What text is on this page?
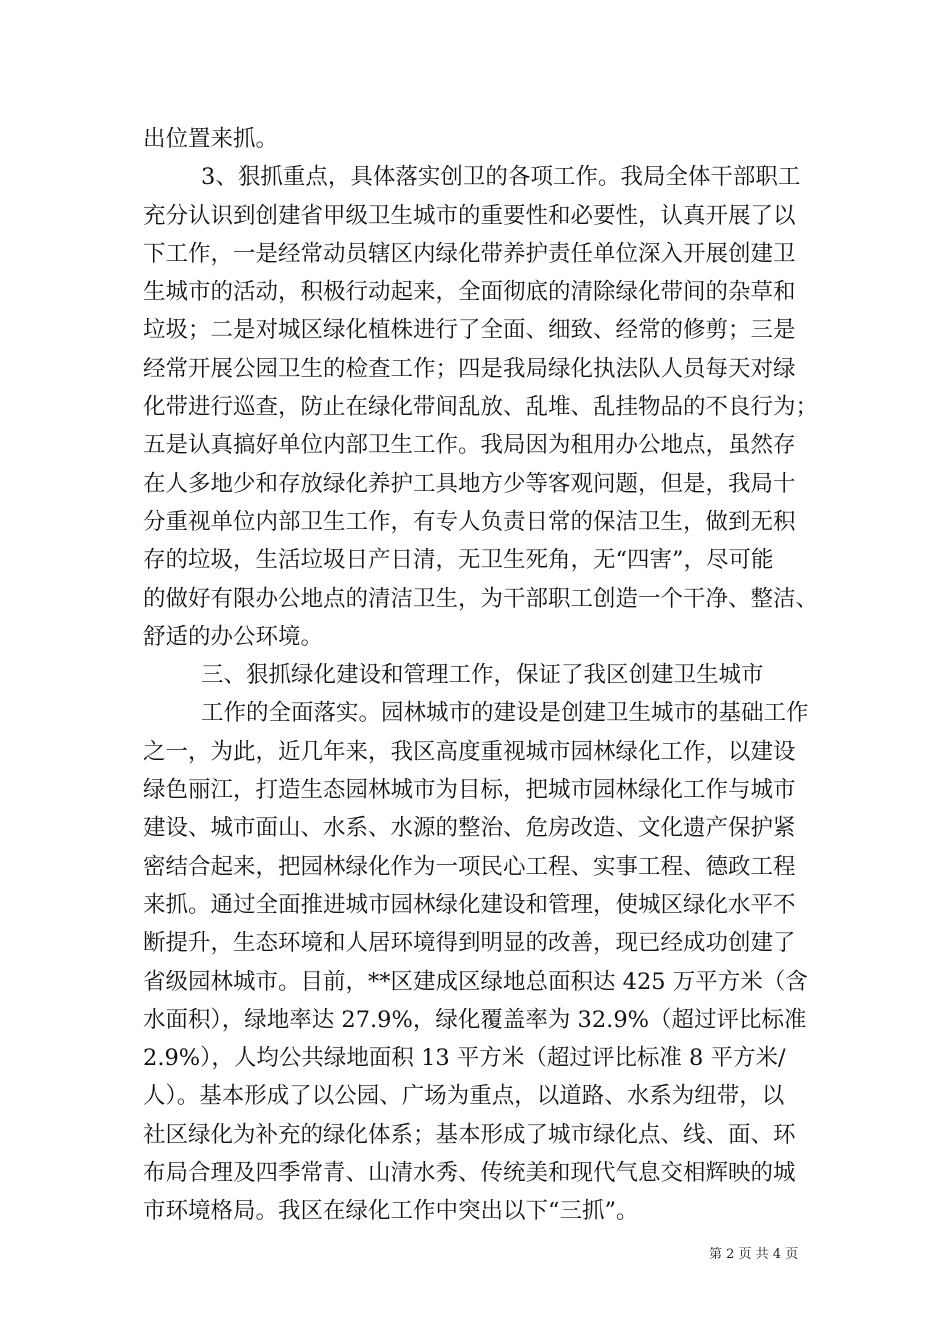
出位置来抓。
3、狠抓重点，具体落实创卫的各项工作。我局全体干部职工
充分认识到创建省甲级卫生城市的重要性和必要性，认真开展了以
下工作，一是经常动员辖区内绿化带养护责任单位深入开展创建卫
生城市的活动，积极行动起来，全面彻底的清除绿化带间的杂草和
垃圾；二是对城区绿化植株进行了全面、细致、经常的修剪；三是
经常开展公园卫生的检查工作；四是我局绿化执法队人员每天对绿
化带进行巡查，防止在绿化带间乱放、乱堆、乱挂物品的不良行为；
五是认真搞好单位内部卫生工作。我局因为租用办公地点，虽然存
在人多地少和存放绿化养护工具地方少等客观问题，但是，我局十
分重视单位内部卫生工作，有专人负责日常的保洁卫生，做到无积
存的垃圾，生活垃圾日产日清，无卫生死角，无“四害”，尽可能
的做好有限办公地点的清洁卫生，为干部职工创造一个干净、整洁、
舒适的办公环境。
三、狠抓绿化建设和管理工作，保证了我区创建卫生城市
工作的全面落实。园林城市的建设是创建卫生城市的基础工作
之一，为此，近几年来，我区高度重视城市园林绿化工作，以建设
绿色丽江，打造生态园林城市为目标，把城市园林绿化工作与城市
建设、城市面山、水系、水源的整治、危房改造、文化遗产保护紧
密结合起来，把园林绿化作为一项民心工程、实事工程、德政工程
来抓。通过全面推进城市园林绿化建设和管理，使城区绿化水平不
断提升，生态环境和人居环境得到明显的改善，现已经成功创建了
省级园林城市。目前，**区建成区绿地总面积达 425 万平方米（含
水面积），绿地率达 27.9%，绿化覆盖率为 32.9%（超过评比标准
2.9%），人均公共绿地面积 13 平方米（超过评比标准 8 平方米/
人）。基本形成了以公园、广场为重点，以道路、水系为纽带，以
社区绿化为补充的绿化体系；基本形成了城市绿化点、线、面、环
布局合理及四季常青、山清水秀、传统美和现代气息交相辉映的城
市环境格局。我区在绿化工作中突出以下“三抓”。
第 2 页 共 4 页
